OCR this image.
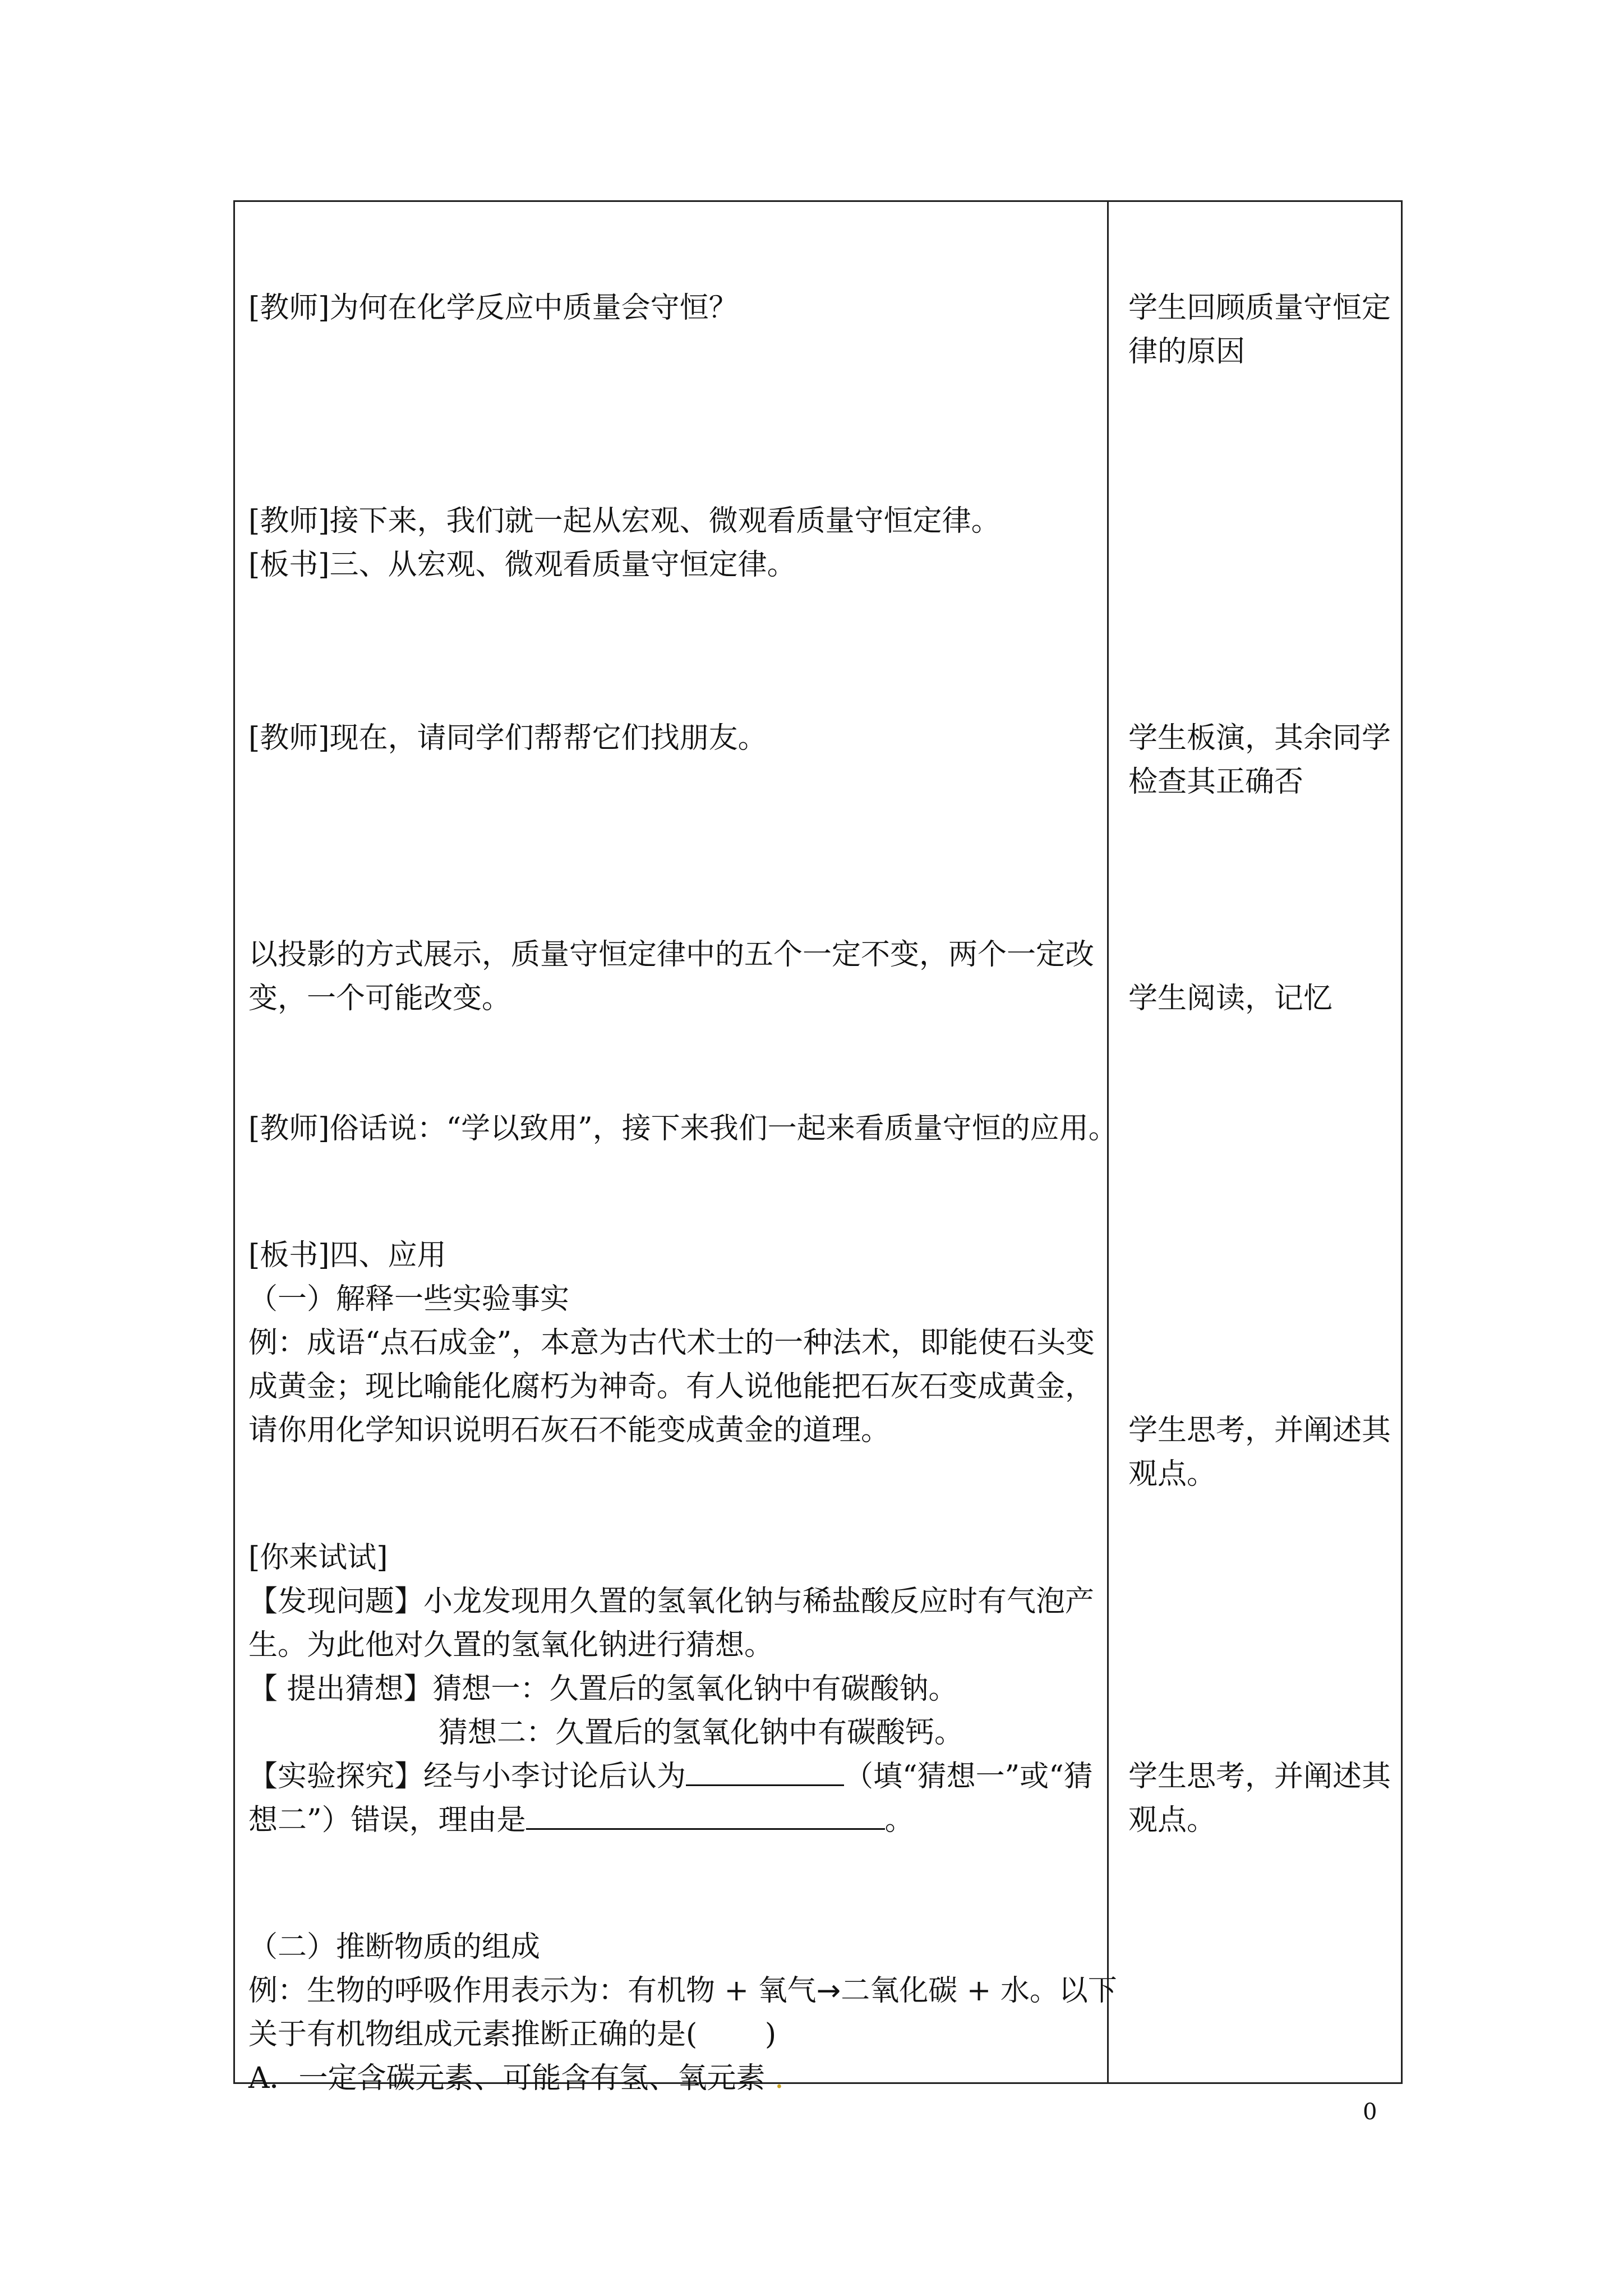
[教师]为何在化学反应中质量会守恒？

[教师]接下来，我们就一起从宏观、微观看质量守恒定律。

[板书]三、从宏观、微观看质量守恒定律。

[教师]现在，请同学们帮帮它们找朋友。

以投影的方式展示，质量守恒定律中的五个一定不变，两个一定改

变，一个可能改变。

[教师]俗话说：“学以致用”，接下来我们一起来看质量守恒的应用。

[板书]四、应用

（一）解释一些实验事实

例：成语“点石成金”，本意为古代术士的一种法术，即能使石头变

成黄金；现比喻能化腐朽为神奇。有人说他能把石灰石变成黄金，

请你用化学知识说明石灰石不能变成黄金的道理。

[你来试试]

【发现问题】小龙发现用久置的氢氧化钠与稀盐酸反应时有气泡产

生。为此他对久置的氢氧化钠进行猜想。

【 提出猜想】猜想一：久置后的氢氧化钠中有碳酸钠。

猜想二：久置后的氢氧化钠中有碳酸钙。

【实验探究】经与小李讨论后认为	（填“猜想一”或“猜

想二”）错误，理由是	。

（二）推断物质的组成

例：生物的呼吸作用表示为：有机物 + 氧气→二氧化碳 + 水。以下

关于有机物组成元素推断正确的是(　　 )

A．一定含碳元素、可能含有氢、氧元素 .

学生回顾质量守恒定

律的原因

学生板演，其余同学

检查其正确否

学生阅读，记忆

学生思考，并阐述其

观点。

学生思考，并阐述其

观点。

0
